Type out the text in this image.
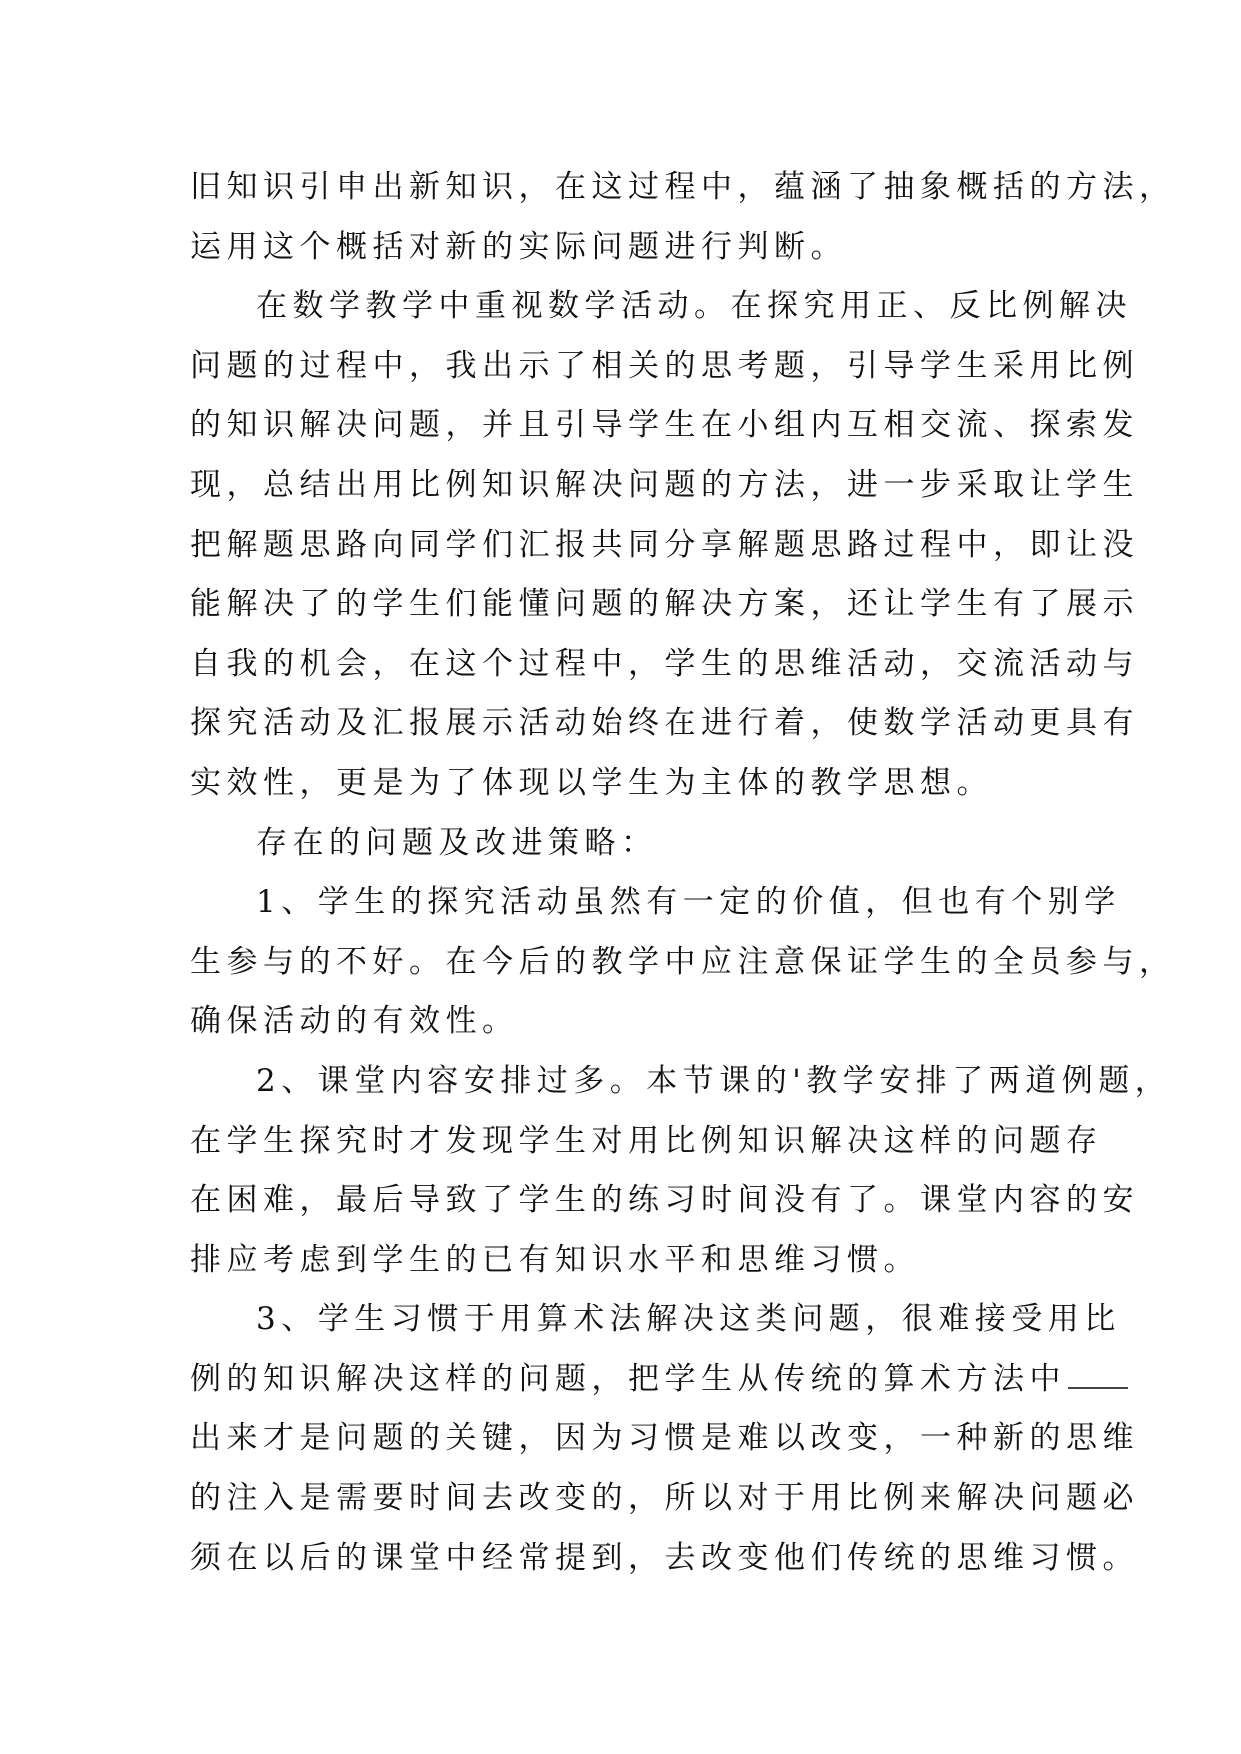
旧知识引申出新知识，在这过程中，蕴涵了抽象概括的方法，
运用这个概括对新的实际问题进行判断。
在数学教学中重视数学活动。在探究用正、反比例解决
问题的过程中，我出示了相关的思考题，引导学生采用比例
的知识解决问题，并且引导学生在小组内互相交流、探索发
现，总结出用比例知识解决问题的方法，进一步采取让学生
把解题思路向同学们汇报共同分享解题思路过程中，即让没
能解决了的学生们能懂问题的解决方案，还让学生有了展示
自我的机会，在这个过程中，学生的思维活动，交流活动与
探究活动及汇报展示活动始终在进行着，使数学活动更具有
实效性，更是为了体现以学生为主体的教学思想。
存在的问题及改进策略：
1、学生的探究活动虽然有一定的价值，但也有个别学
生参与的不好。在今后的教学中应注意保证学生的全员参与，
确保活动的有效性。
2、课堂内容安排过多。本节课的'教学安排了两道例题，
在学生探究时才发现学生对用比例知识解决这样的问题存
在困难，最后导致了学生的练习时间没有了。课堂内容的安
排应考虑到学生的已有知识水平和思维习惯。
3、学生习惯于用算术法解决这类问题，很难接受用比
例的知识解决这样的问题，把学生从传统的算术方法中
出来才是问题的关键，因为习惯是难以改变，一种新的思维
的注入是需要时间去改变的，所以对于用比例来解决问题必
须在以后的课堂中经常提到，去改变他们传统的思维习惯。
